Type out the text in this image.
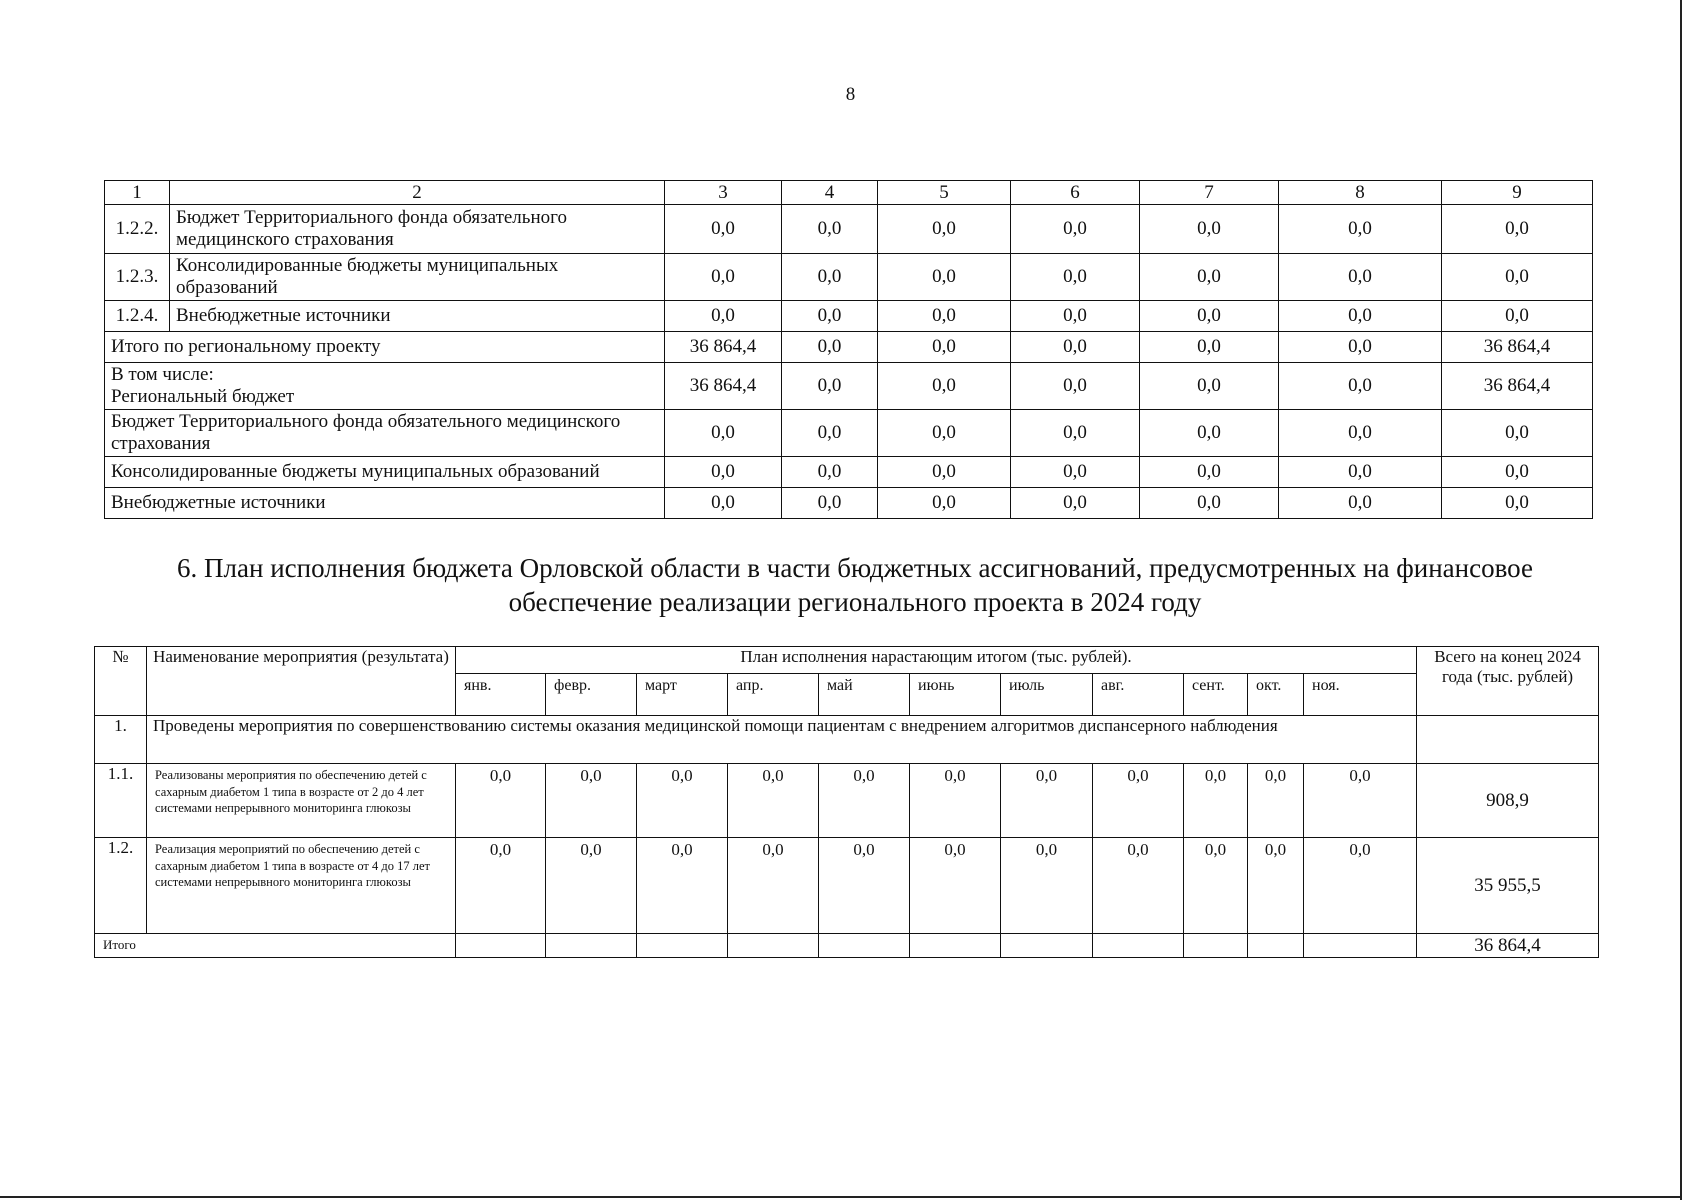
8
1	2	3	4	5	6	7	8	9
1.2.2.	Бюджет Территориального фонда обязательного медицинского страхования	0,0	0,0	0,0	0,0	0,0	0,0	0,0
1.2.3.	Консолидированные бюджеты муниципальных образований	0,0	0,0	0,0	0,0	0,0	0,0	0,0
1.2.4.	Внебюджетные источники	0,0	0,0	0,0	0,0	0,0	0,0	0,0
Итого по региональному проекту		36 864,4	0,0	0,0	0,0	0,0	0,0	36 864,4
В том числе:
Региональный бюджет		36 864,4	0,0	0,0	0,0	0,0	0,0	36 864,4
Бюджет Территориального фонда обязательного медицинского страхования		0,0	0,0	0,0	0,0	0,0	0,0	0,0
Консолидированные бюджеты муниципальных образований		0,0	0,0	0,0	0,0	0,0	0,0	0,0
Внебюджетные источники		0,0	0,0	0,0	0,0	0,0	0,0	0,0
6. План исполнения бюджета Орловской области в части бюджетных ассигнований, предусмотренных на финансовое обеспечение реализации регионального проекта в 2024 году
№	Наименование мероприятия (результата)	План исполнения нарастающим итогом (тыс. рублей).											Всего на конец 2024 года (тыс. рублей)
		янв.	февр.	март	апр.	май	июнь	июль	авг.	сент.	окт.	ноя.	
1.	Проведены мероприятия по совершенствованию системы оказания медицинской помощи пациентам с внедрением алгоритмов диспансерного наблюдения												
1.1.	Реализованы мероприятия по обеспечению детей с сахарным диабетом 1 типа в возрасте от 2 до 4 лет системами непрерывного мониторинга глюкозы	0,0	0,0	0,0	0,0	0,0	0,0	0,0	0,0	0,0	0,0	0,0	908,9
1.2.	Реализация мероприятий по обеспечению детей с сахарным диабетом 1 типа в возрасте от 4 до 17 лет системами непрерывного мониторинга глюкозы	0,0	0,0	0,0	0,0	0,0	0,0	0,0	0,0	0,0	0,0	0,0	35 955,5
Итого													36 864,4
